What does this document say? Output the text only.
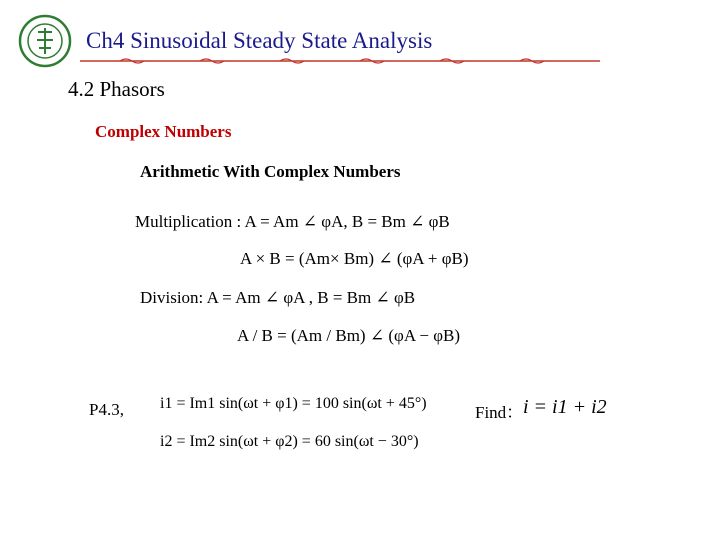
Ch4 Sinusoidal Steady State Analysis
4.2 Phasors
Complex Numbers
Arithmetic With Complex Numbers
Multiplication : A = Am ∠ φA, B = Bm ∠ φB
A × B = (Am× Bm) ∠ (φA + φB)
Division: A = Am ∠ φA , B = Bm ∠ φB
A / B = (Am / Bm) ∠ (φA − φB)
P4.3, i1 = Im1 sin(ωt + φ1) = 100 sin(ωt + 45°)
i2 = Im2 sin(ωt + φ2) = 60 sin(ωt − 30°)
Find： i = i1 + i2
